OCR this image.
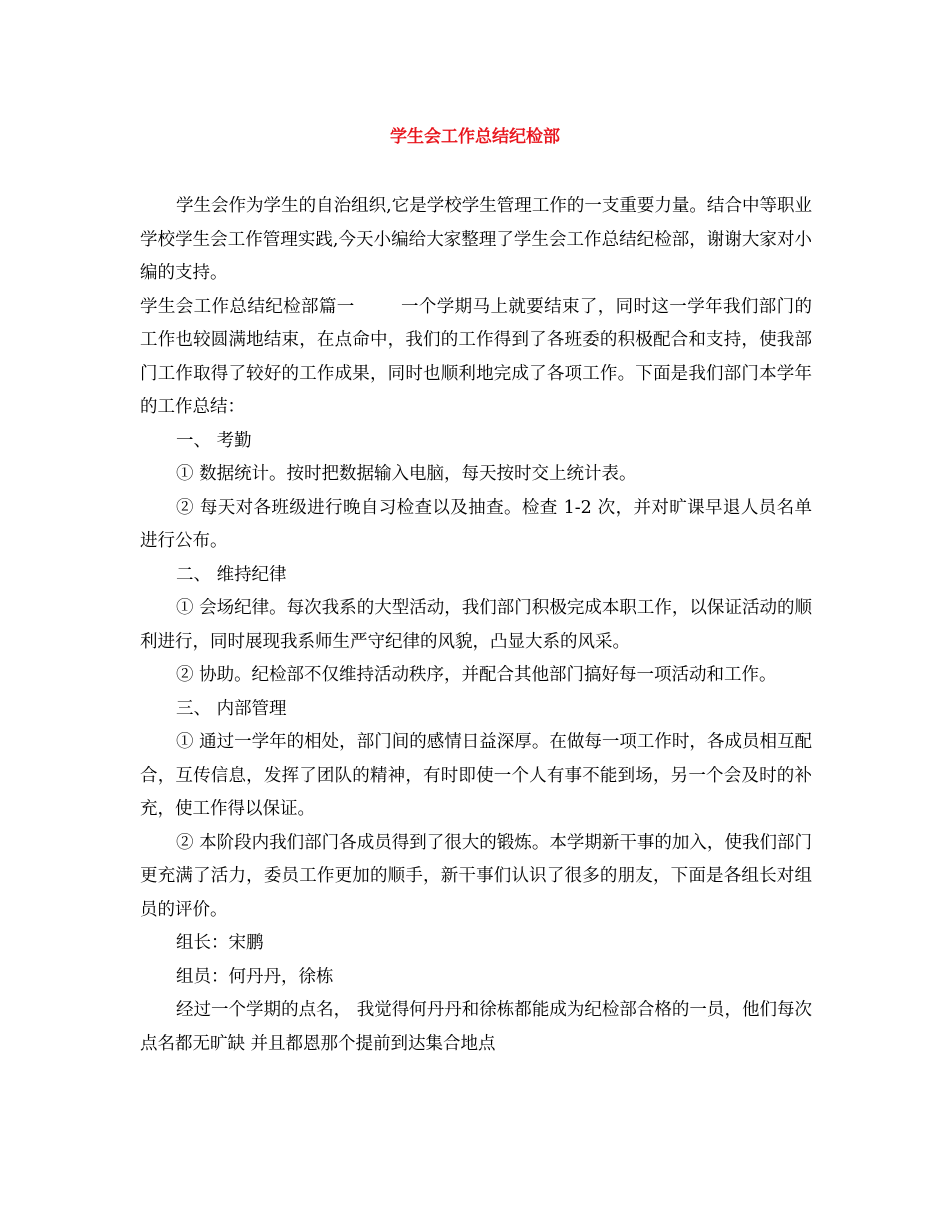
学生会工作总结纪检部

学生会作为学生的自治组织,它是学校学生管理工作的一支重要力量。结合中等职业学校学生会工作管理实践,今天小编给大家整理了学生会工作总结纪检部，谢谢大家对小编的支持。

学生会工作总结纪检部篇一	一个学期马上就要结束了，同时这一学年我们部门的工作也较圆满地结束，在点命中，我们的工作得到了各班委的积极配合和支持，使我部门工作取得了较好的工作成果，同时也顺利地完成了各项工作。下面是我们部门本学年的工作总结：

一、 考勤

① 数据统计。按时把数据输入电脑，每天按时交上统计表。

② 每天对各班级进行晚自习检查以及抽查。检查 1-2 次，并对旷课早退人员名单进行公布。

二、 维持纪律

① 会场纪律。每次我系的大型活动，我们部门积极完成本职工作，以保证活动的顺利进行，同时展现我系师生严守纪律的风貌，凸显大系的风采。

② 协助。纪检部不仅维持活动秩序，并配合其他部门搞好每一项活动和工作。

三、 内部管理

① 通过一学年的相处，部门间的感情日益深厚。在做每一项工作时，各成员相互配合，互传信息，发挥了团队的精神，有时即使一个人有事不能到场，另一个会及时的补充，使工作得以保证。

② 本阶段内我们部门各成员得到了很大的锻炼。本学期新干事的加入，使我们部门更充满了活力，委员工作更加的顺手，新干事们认识了很多的朋友，下面是各组长对组员的评价。

组长：宋鹏

组员：何丹丹，徐栋

经过一个学期的点名， 我觉得何丹丹和徐栋都能成为纪检部合格的一员，他们每次点名都无旷缺 并且都恩那个提前到达集合地点
